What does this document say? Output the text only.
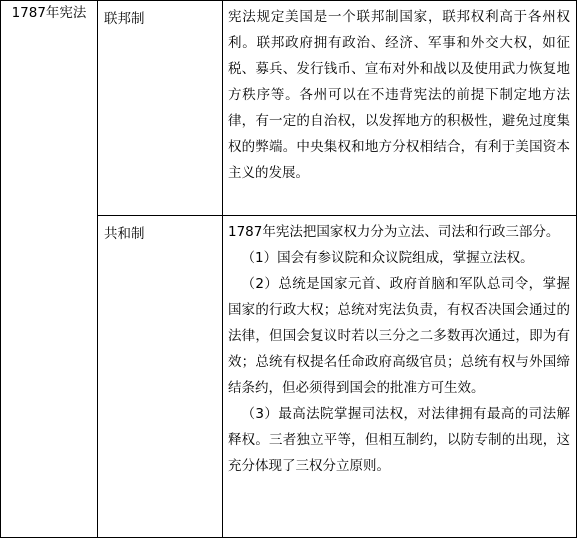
1787年宪法	联邦制	宪法规定美国是一个联邦制国家，联邦权利高于各州权利。联邦政府拥有政治、经济、军事和外交大权，如征税、募兵、发行钱币、宣布对外和战以及使用武力恢复地方秩序等。各州可以在不违背宪法的前提下制定地方法律，有一定的自治权，以发挥地方的积极性，避免过度集权的弊端。中央集权和地方分权相结合，有利于美国资本主义的发展。

	共和制	1787年宪法把国家权力分为立法、司法和行政三部分。

（1）国会有参议院和众议院组成，掌握立法权。

（2）总统是国家元首、政府首脑和军队总司令，掌握国家的行政大权；总统对宪法负责，有权否决国会通过的法律，但国会复议时若以三分之二多数再次通过，即为有效；总统有权提名任命政府高级官员；总统有权与外国缔结条约，但必须得到国会的批准方可生效。

（3）最高法院掌握司法权，对法律拥有最高的司法解释权。三者独立平等，但相互制约，以防专制的出现，这充分体现了三权分立原则。
